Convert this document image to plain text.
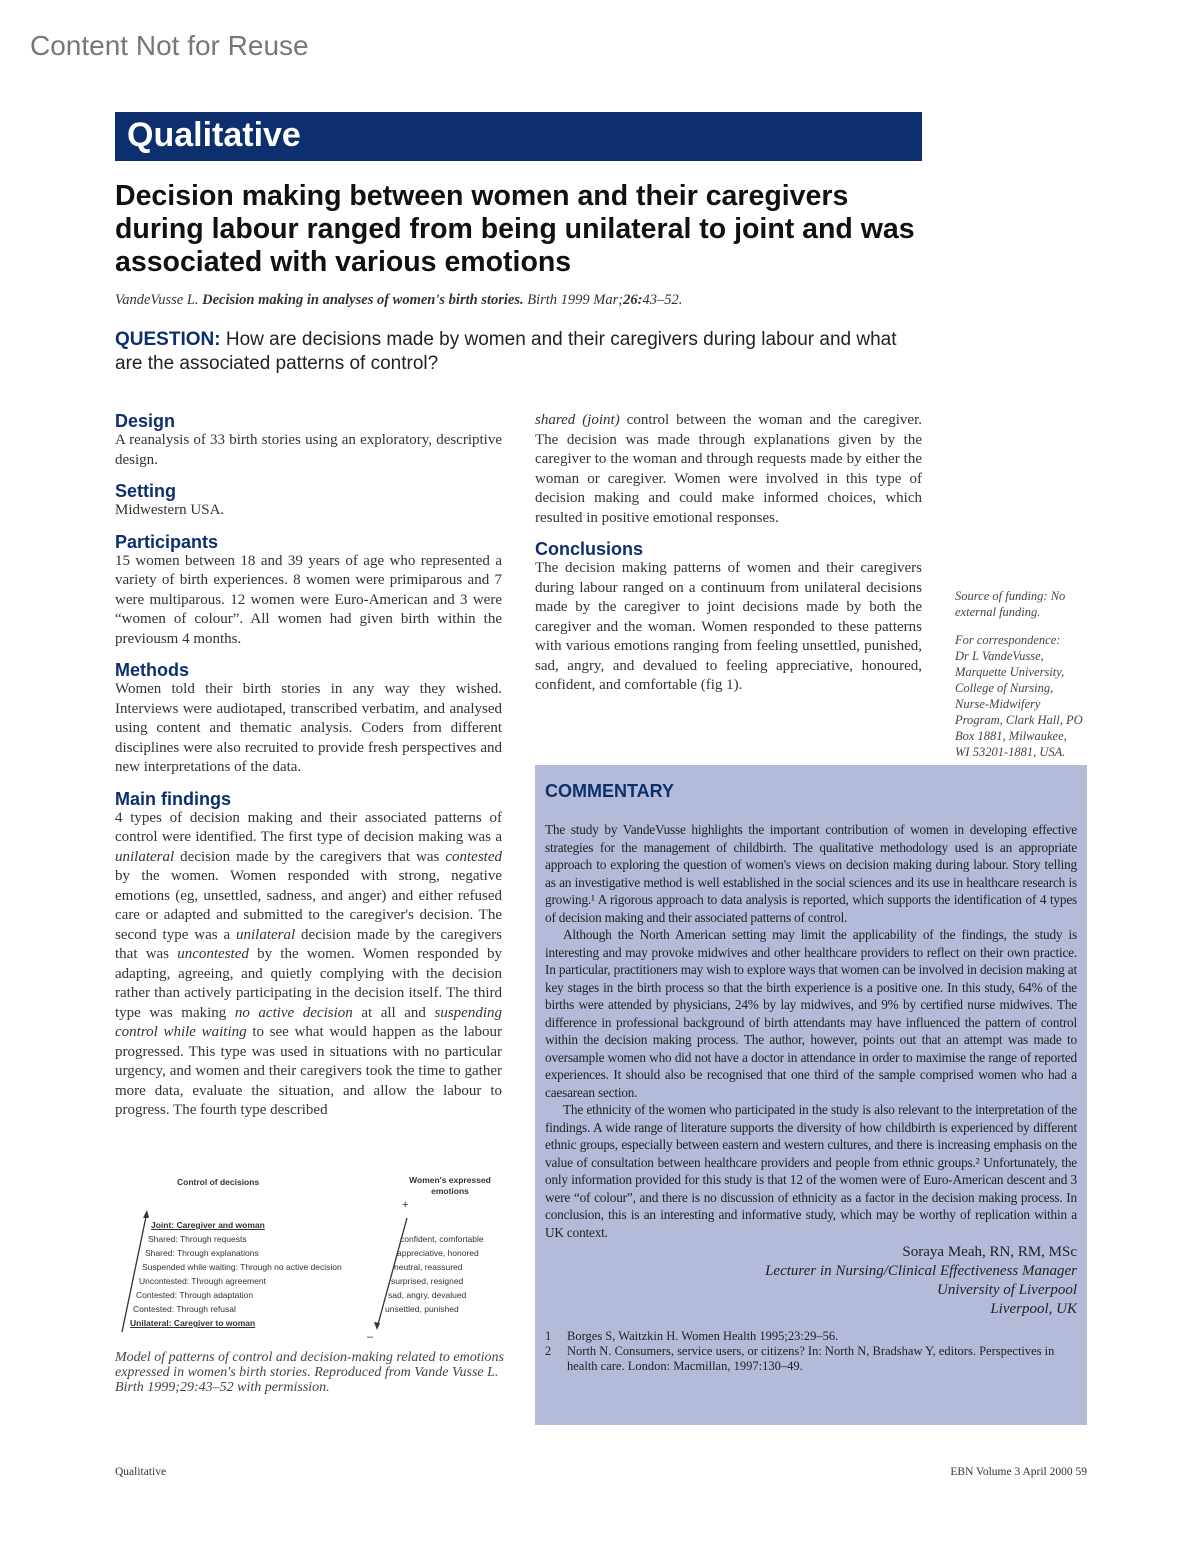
Content Not for Reuse
Qualitative
Decision making between women and their caregivers during labour ranged from being unilateral to joint and was associated with various emotions
VandeVusse L. Decision making in analyses of women's birth stories. Birth 1999 Mar;26:43–52.
QUESTION: How are decisions made by women and their caregivers during labour and what are the associated patterns of control?
Design

A reanalysis of 33 birth stories using an exploratory, descriptive design.

Setting

Midwestern USA.

Participants

15 women between 18 and 39 years of age who represented a variety of birth experiences. 8 women were primiparous and 7 were multiparous. 12 women were Euro-American and 3 were “women of colour”. All women had given birth within the previousm 4 months.

Methods

Women told their birth stories in any way they wished. Interviews were audiotaped, transcribed verbatim, and analysed using content and thematic analysis. Coders from different disciplines were also recruited to provide fresh perspectives and new interpretations of the data.

Main findings

4 types of decision making and their associated patterns of control were identified. The first type of decision making was a unilateral decision made by the caregivers that was contested by the women. Women responded with strong, negative emotions (eg, unsettled, sadness, and anger) and either refused care or adapted and submitted to the caregiver's decision. The second type was a unilateral decision made by the caregivers that was uncontested by the women. Women responded by adapting, agreeing, and quietly complying with the decision rather than actively participating in the decision itself. The third type was making no active decision at all and suspending control while waiting to see what would happen as the labour progressed. This type was used in situations with no particular urgency, and women and their caregivers took the time to gather more data, evaluate the situation, and allow the labour to progress. The fourth type described

shared (joint) control between the woman and the caregiver. The decision was made through explanations given by the caregiver to the woman and through requests made by either the woman or caregiver. Women were involved in this type of decision making and could make informed choices, which resulted in positive emotional responses.

Conclusions

The decision making patterns of women and their caregivers during labour ranged on a continuum from unilateral decisions made by the caregiver to joint decisions made by both the caregiver and the woman. Women responded to these patterns with various emotions ranging from feeling unsettled, punished, sad, angry, and devalued to feeling appreciative, honoured, confident, and comfortable (fig 1).

Source of funding: No external funding.

For correspondence:
Dr L VandeVusse,
Marquette University,
College of Nursing,
Nurse-Midwifery
Program, Clark Hall, PO
Box 1881, Milwaukee,
WI 53201-1881, USA.

Control of decisions	Women's expressed emotions
+
–
Joint: Caregiver and woman
Shared: Through requests
Shared: Through explanations
Suspended while waiting: Through no active decision
Uncontested: Through agreement
Contested: Through adaptation
Contested: Through refusal
Unilateral: Caregiver to woman
confident, comfortable
appreciative, honored
neutral, reassured
surprised, resigned
sad, angry, devalued
unsettled, punished
Model of patterns of control and decision-making related to emotions expressed in women's birth stories. Reproduced from Vande Vusse L. Birth 1999;29:43–52 with permission.
COMMENTARY

The study by VandeVusse highlights the important contribution of women in developing effective strategies for the management of childbirth. The qualitative methodology used is an appropriate approach to exploring the question of women's views on decision making during labour. Story telling as an investigative method is well established in the social sciences and its use in healthcare research is growing.¹ A rigorous approach to data analysis is reported, which supports the identification of 4 types of decision making and their associated patterns of control.

Although the North American setting may limit the applicability of the findings, the study is interesting and may provoke midwives and other healthcare providers to reflect on their own practice. In particular, practitioners may wish to explore ways that women can be involved in decision making at key stages in the birth process so that the birth experience is a positive one. In this study, 64% of the births were attended by physicians, 24% by lay midwives, and 9% by certified nurse midwives. The difference in professional background of birth attendants may have influenced the pattern of control within the decision making process. The author, however, points out that an attempt was made to oversample women who did not have a doctor in attendance in order to maximise the range of reported experiences. It should also be recognised that one third of the sample comprised women who had a caesarean section.

The ethnicity of the women who participated in the study is also relevant to the interpretation of the findings. A wide range of literature supports the diversity of how childbirth is experienced by different ethnic groups, especially between eastern and western cultures, and there is increasing emphasis on the value of consultation between healthcare providers and people from ethnic groups.² Unfortunately, the only information provided for this study is that 12 of the women were of Euro-American descent and 3 were “of colour”, and there is no discussion of ethnicity as a factor in the decision making process. In conclusion, this is an interesting and informative study, which may be worthy of replication within a UK context.

Soraya Meah, RN, RM, MSc
Lecturer in Nursing/Clinical Effectiveness Manager
University of Liverpool
Liverpool, UK
1	Borges S, Waitzkin H. Women Health 1995;23:29–56.
2	North N. Consumers, service users, or citizens? In: North N, Bradshaw Y, editors. Perspectives in health care. London: Macmillan, 1997:130–49.
Qualitative	EBN Volume 3 April 2000 59
